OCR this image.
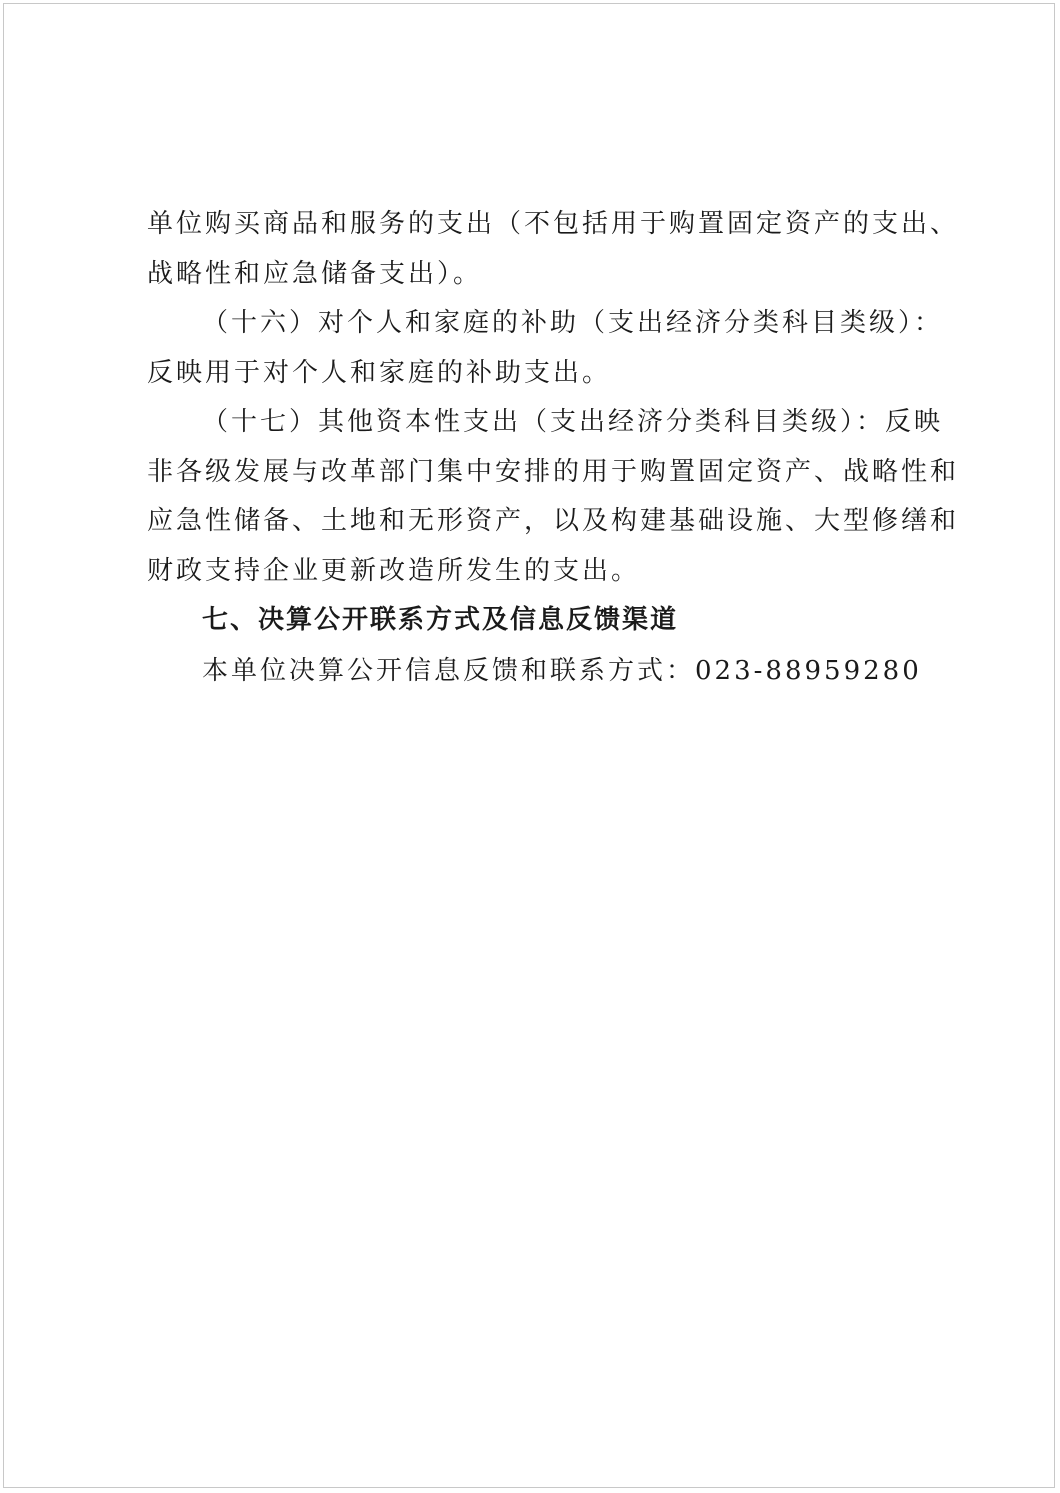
单位购买商品和服务的支出（不包括用于购置固定资产的支出、
战略性和应急储备支出）。
（十六）对个人和家庭的补助（支出经济分类科目类级）：
反映用于对个人和家庭的补助支出。
（十七）其他资本性支出（支出经济分类科目类级）：反映
非各级发展与改革部门集中安排的用于购置固定资产、战略性和
应急性储备、土地和无形资产，以及构建基础设施、大型修缮和
财政支持企业更新改造所发生的支出。
七、决算公开联系方式及信息反馈渠道
本单位决算公开信息反馈和联系方式：023-88959280
